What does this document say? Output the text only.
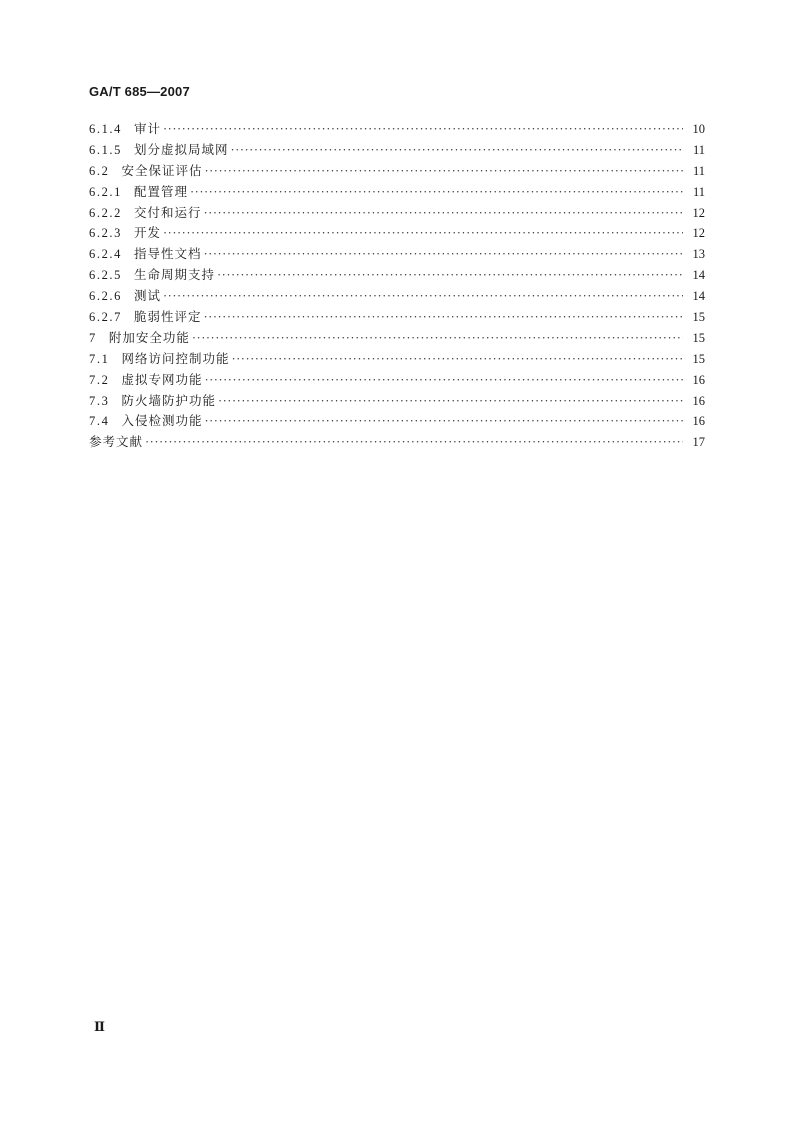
GA/T 685—2007
6.1.4 审计 ·····	10
6.1.5 划分虚拟局域网 ·····	11
6.2 安全保证评估 ·····	11
6.2.1 配置管理 ·····	11
6.2.2 交付和运行 ·····	12
6.2.3 开发 ·····	12
6.2.4 指导性文档 ·····	13
6.2.5 生命周期支持 ·····	14
6.2.6 测试 ·····	14
6.2.7 脆弱性评定 ·····	15
7 附加安全功能 ·····	15
7.1 网络访问控制功能 ·····	15
7.2 虚拟专网功能 ·····	16
7.3 防火墙防护功能 ·····	16
7.4 入侵检测功能 ·····	16
参考文献 ·····	17
Ⅱ
